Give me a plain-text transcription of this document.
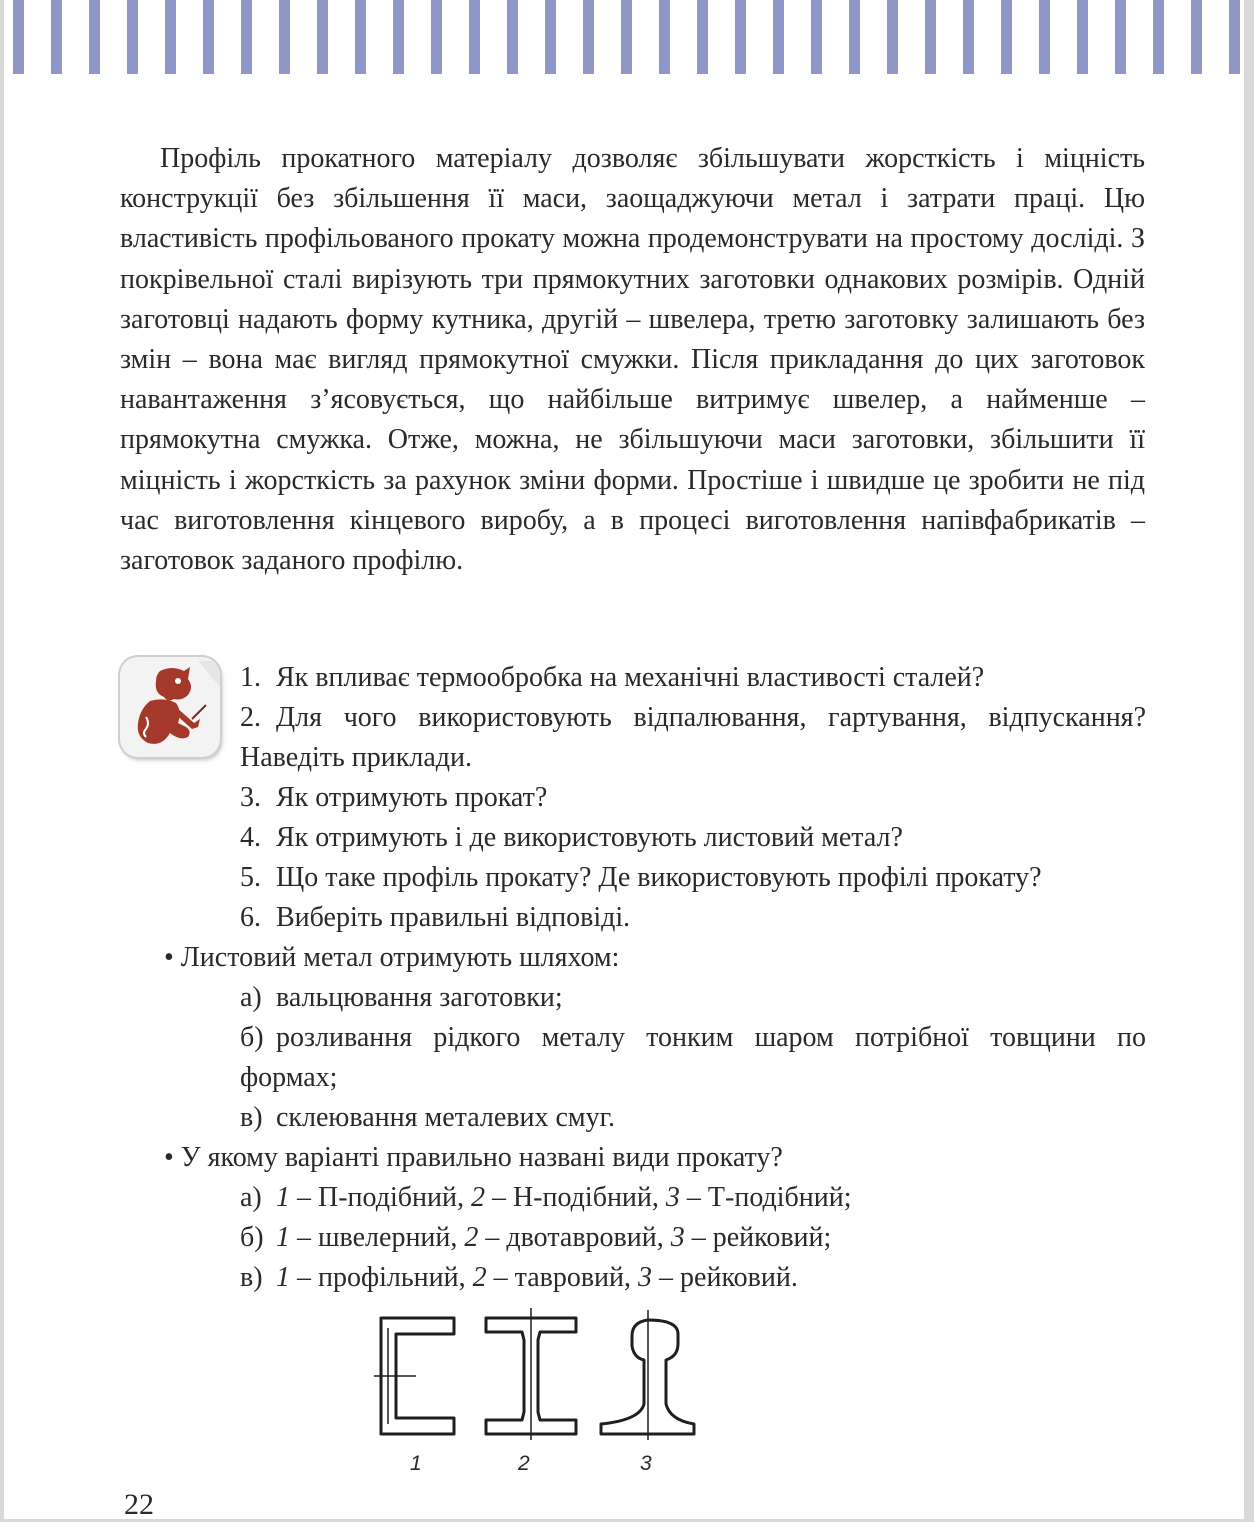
Профіль прокатного матеріалу дозволяє збільшувати жорсткість і міцність конструкції без збільшення її маси, заощаджуючи метал і затрати праці. Цю властивість профільованого прокату можна продемонструвати на простому досліді. З покрівельної сталі вирізують три прямокутних заготовки однакових розмірів. Одній заготовці надають форму кутника, другій – швелера, третю заготовку залишають без змін – вона має вигляд прямокутної смужки. Після прикладання до цих заготовок навантаження з’ясовується, що найбільше витримує швелер, а найменше – прямокутна смужка. Отже, можна, не збільшуючи маси заготовки, збільшити її міцність і жорсткість за рахунок зміни форми. Простіше і швидше це зробити не під час виготовлення кінцевого виробу, а в процесі виготовлення напівфабрикатів – заготовок заданого профілю.

1. Як впливає термообробка на механічні властивості сталей?
2. Для чого використовують відпалювання, гартування, відпускання? Наведіть приклади.
3. Як отримують прокат?
4. Як отримують і де використовують листовий метал?
5. Що таке профіль прокату? Де використовують профілі прокату?
6. Виберіть правильні відповіді.
• Листовий метал отримують шляхом:
а) вальцювання заготовки;
б) розливання рідкого металу тонким шаром потрібної товщини по формах;
в) склеювання металевих смуг.
• У якому варіанті правильно названі види прокату?
а) 1 – П-подібний, 2 – Н-подібний, 3 – Т-подібний;
б) 1 – швелерний, 2 – двотавровий, 3 – рейковий;
в) 1 – профільний, 2 – тавровий, 3 – рейковий.
1	2	3
22
